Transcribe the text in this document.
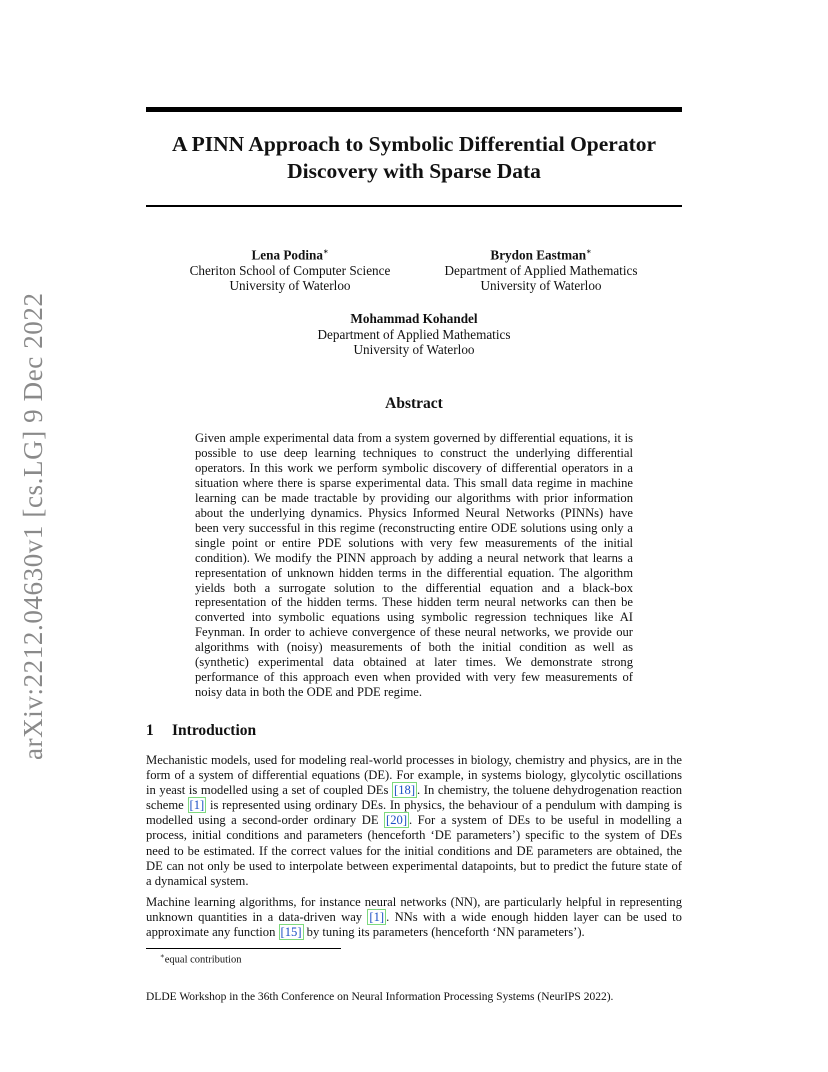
arXiv:2212.04630v1 [cs.LG] 9 Dec 2022
A PINN Approach to Symbolic Differential Operator
Discovery with Sparse Data
Lena Podina∗
Cheriton School of Computer Science
University of Waterloo
Brydon Eastman∗
Department of Applied Mathematics
University of Waterloo
Mohammad Kohandel
Department of Applied Mathematics
University of Waterloo
Abstract
Given ample experimental data from a system governed by differential equations, it is possible to use deep learning techniques to construct the underlying differential operators. In this work we perform symbolic discovery of differential operators in a situation where there is sparse experimental data. This small data regime in machine learning can be made tractable by providing our algorithms with prior information about the underlying dynamics. Physics Informed Neural Networks (PINNs) have been very successful in this regime (reconstructing entire ODE solutions using only a single point or entire PDE solutions with very few measurements of the initial condition). We modify the PINN approach by adding a neural network that learns a representation of unknown hidden terms in the differential equation. The algorithm yields both a surrogate solution to the differential equation and a black-box representation of the hidden terms. These hidden term neural networks can then be converted into symbolic equations using symbolic regression techniques like AI Feynman. In order to achieve convergence of these neural networks, we provide our algorithms with (noisy) measurements of both the initial condition as well as (synthetic) experimental data obtained at later times. We demonstrate strong performance of this approach even when provided with very few measurements of noisy data in both the ODE and PDE regime.
1 Introduction

Mechanistic models, used for modeling real-world processes in biology, chemistry and physics, are in the form of a system of differential equations (DE). For example, in systems biology, glycolytic oscillations in yeast is modelled using a set of coupled DEs [18] . In chemistry, the toluene dehydrogenation reaction scheme [1] is represented using ordinary DEs. In physics, the behaviour of a pendulum with damping is modelled using a second-order ordinary DE [20] . For a system of DEs to be useful in modelling a process, initial conditions and parameters (henceforth ‘DE parameters’) specific to the system of DEs need to be estimated. If the correct values for the initial conditions and DE parameters are obtained, the DE can not only be used to interpolate between experimental datapoints, but to predict the future state of a dynamical system.

Machine learning algorithms, for instance neural networks (NN), are particularly helpful in representing unknown quantities in a data-driven way [1] . NNs with a wide enough hidden layer can be used to approximate any function [15] by tuning its parameters (henceforth ‘NN parameters’).

∗equal contribution
DLDE Workshop in the 36th Conference on Neural Information Processing Systems (NeurIPS 2022).
